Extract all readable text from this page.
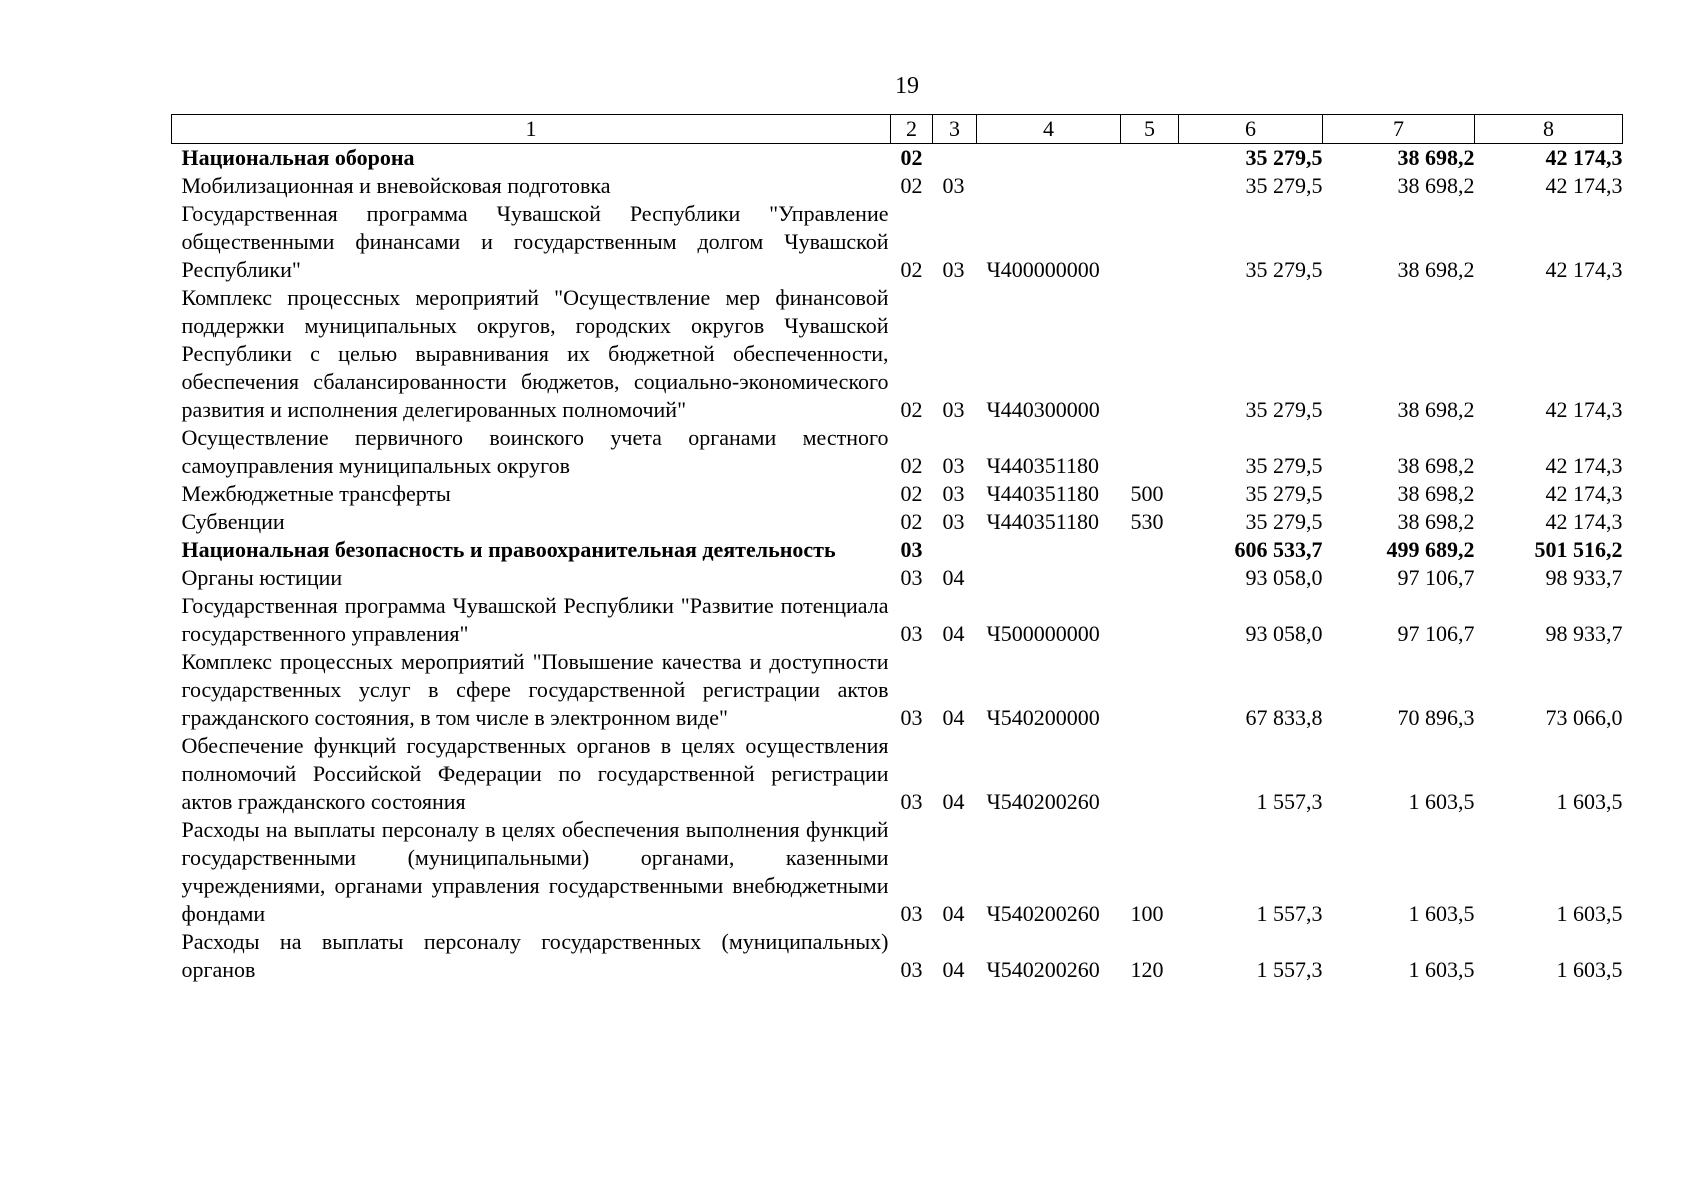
19
1	2	3	4	5	6	7	8
Национальная оборона	02				35 279,5	38 698,2	42 174,3
Мобилизационная и вневойсковая подготовка	02	03			35 279,5	38 698,2	42 174,3
Государственная программа Чувашской Республики "Управление общественными финансами и государственным долгом Чувашской Республики"	02	03	Ч400000000		35 279,5	38 698,2	42 174,3
Комплекс процессных мероприятий "Осуществление мер финансовой поддержки муниципальных округов, городских округов Чувашской Республики с целью выравнивания их бюджетной обеспеченности, обеспечения сбалансированности бюджетов, социально-экономического развития и исполнения делегированных полномочий"	02	03	Ч440300000		35 279,5	38 698,2	42 174,3
Осуществление первичного воинского учета органами местного самоуправления муниципальных округов	02	03	Ч440351180		35 279,5	38 698,2	42 174,3
Межбюджетные трансферты	02	03	Ч440351180	500	35 279,5	38 698,2	42 174,3
Субвенции	02	03	Ч440351180	530	35 279,5	38 698,2	42 174,3
Национальная безопасность и правоохранительная деятельность	03				606 533,7	499 689,2	501 516,2
Органы юстиции	03	04			93 058,0	97 106,7	98 933,7
Государственная программа Чувашской Республики "Развитие потенциала государственного управления"	03	04	Ч500000000		93 058,0	97 106,7	98 933,7
Комплекс процессных мероприятий "Повышение качества и доступности государственных услуг в сфере государственной регистрации актов гражданского состояния, в том числе в электронном виде"	03	04	Ч540200000		67 833,8	70 896,3	73 066,0
Обеспечение функций государственных органов в целях осуществления полномочий Российской Федерации по государственной регистрации актов гражданского состояния	03	04	Ч540200260		1 557,3	1 603,5	1 603,5
Расходы на выплаты персоналу в целях обеспечения выполнения функций государственными (муниципальными) органами, казенными учреждениями, органами управления государственными внебюджетными фондами	03	04	Ч540200260	100	1 557,3	1 603,5	1 603,5
Расходы на выплаты персоналу государственных (муниципальных) органов	03	04	Ч540200260	120	1 557,3	1 603,5	1 603,5
